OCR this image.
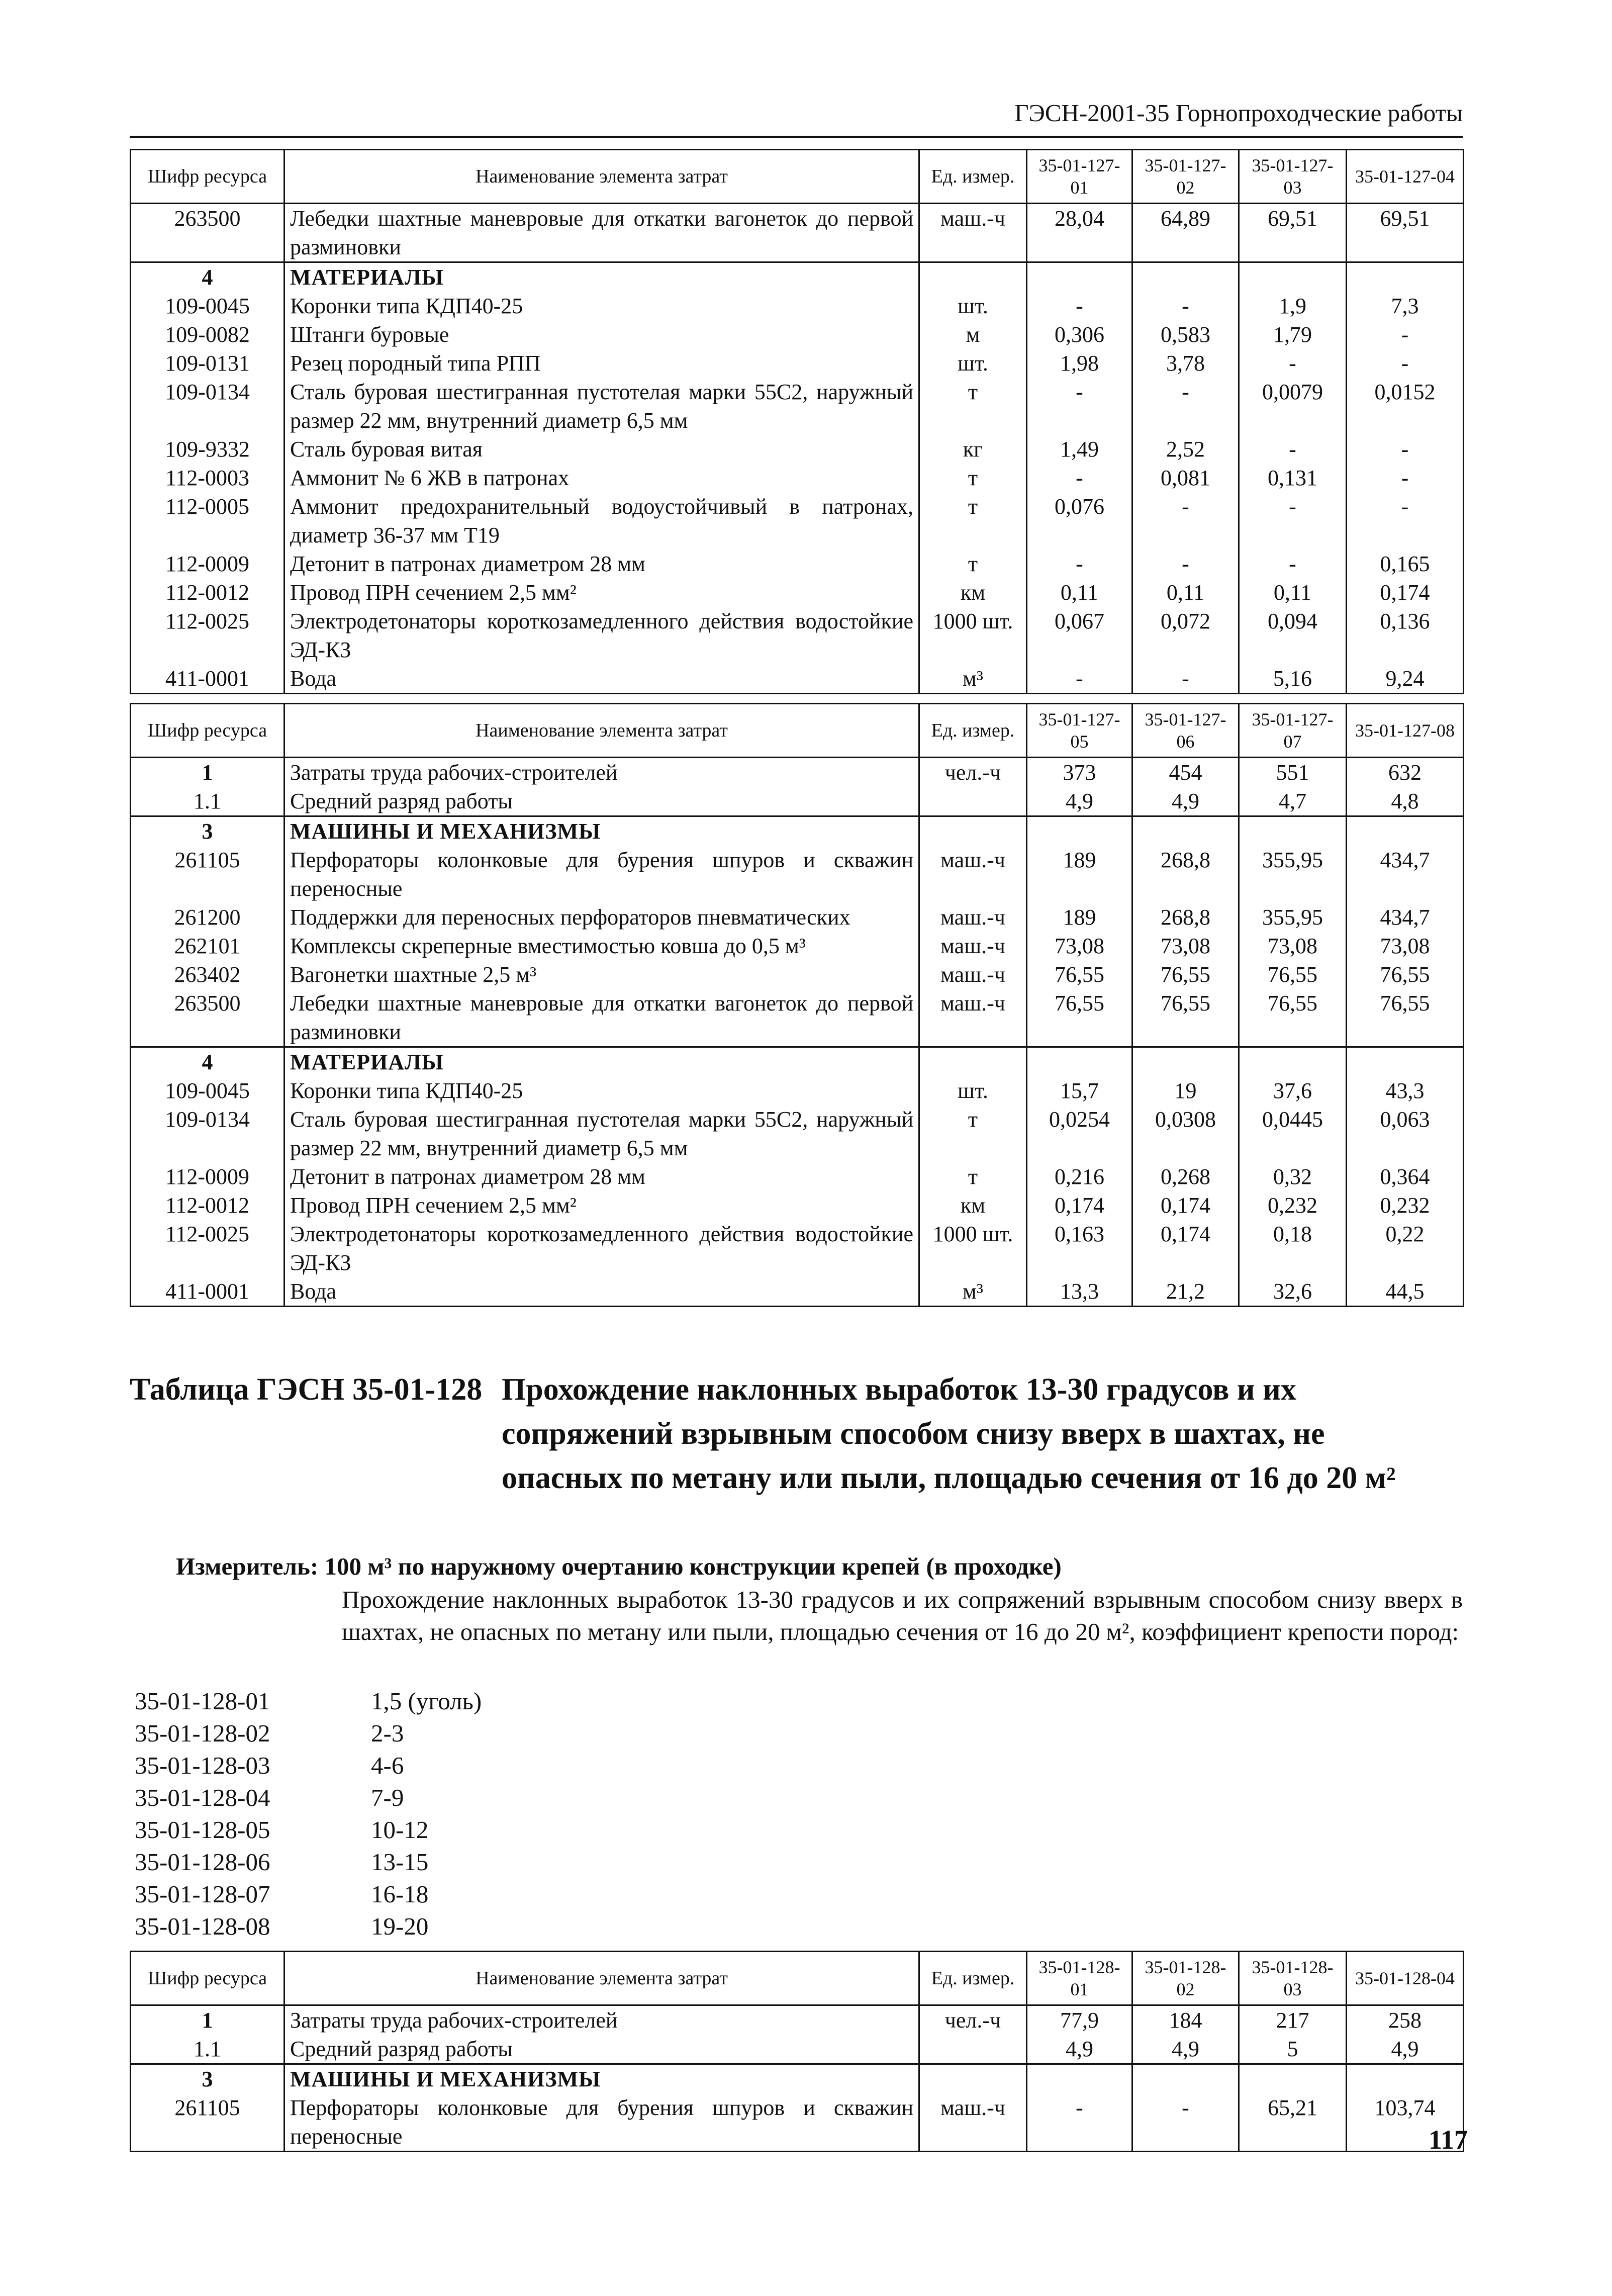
ГЭСН-2001-35 Горнопроходческие работы
Шифр ресурса	Наименование элемента затрат	Ед. измер.	35-01-127-01	35-01-127-02	35-01-127-03	35-01-127-04
263500	Лебедки шахтные маневровые для откатки вагонеток до первой разминовки	маш.-ч	28,04	64,89	69,51	69,51
4	МАТЕРИАЛЫ					
109-0045	Коронки типа КДП40-25	шт.	-	-	1,9	7,3
109-0082	Штанги буровые	м	0,306	0,583	1,79	-
109-0131	Резец породный типа РПП	шт.	1,98	3,78	-	-
109-0134	Сталь буровая шестигранная пустотелая марки 55С2, наружный размер 22 мм, внутренний диаметр 6,5 мм	т	-	-	0,0079	0,0152
109-9332	Сталь буровая витая	кг	1,49	2,52	-	-
112-0003	Аммонит № 6 ЖВ в патронах	т	-	0,081	0,131	-
112-0005	Аммонит предохранительный водоустойчивый в патронах, диаметр 36-37 мм Т19	т	0,076	-	-	-
112-0009	Детонит в патронах диаметром 28 мм	т	-	-	-	0,165
112-0012	Провод ПРН сечением 2,5 мм²	км	0,11	0,11	0,11	0,174
112-0025	Электродетонаторы короткозамедленного действия водостойкие ЭД-КЗ	1000 шт.	0,067	0,072	0,094	0,136
411-0001	Вода	м³	-	-	5,16	9,24
Шифр ресурса	Наименование элемента затрат	Ед. измер.	35-01-127-05	35-01-127-06	35-01-127-07	35-01-127-08
1	Затраты труда рабочих-строителей	чел.-ч	373	454	551	632
1.1	Средний разряд работы		4,9	4,9	4,7	4,8
3	МАШИНЫ И МЕХАНИЗМЫ					
261105	Перфораторы колонковые для бурения шпуров и скважин переносные	маш.-ч	189	268,8	355,95	434,7
261200	Поддержки для переносных перфораторов пневматических	маш.-ч	189	268,8	355,95	434,7
262101	Комплексы скреперные вместимостью ковша до 0,5 м³	маш.-ч	73,08	73,08	73,08	73,08
263402	Вагонетки шахтные 2,5 м³	маш.-ч	76,55	76,55	76,55	76,55
263500	Лебедки шахтные маневровые для откатки вагонеток до первой разминовки	маш.-ч	76,55	76,55	76,55	76,55
4	МАТЕРИАЛЫ					
109-0045	Коронки типа КДП40-25	шт.	15,7	19	37,6	43,3
109-0134	Сталь буровая шестигранная пустотелая марки 55С2, наружный размер 22 мм, внутренний диаметр 6,5 мм	т	0,0254	0,0308	0,0445	0,063
112-0009	Детонит в патронах диаметром 28 мм	т	0,216	0,268	0,32	0,364
112-0012	Провод ПРН сечением 2,5 мм²	км	0,174	0,174	0,232	0,232
112-0025	Электродетонаторы короткозамедленного действия водостойкие ЭД-КЗ	1000 шт.	0,163	0,174	0,18	0,22
411-0001	Вода	м³	13,3	21,2	32,6	44,5
Таблица ГЭСН 35-01-128 Прохождение наклонных выработок 13-30 градусов и их сопряжений взрывным способом снизу вверх в шахтах, не опасных по метану или пыли, площадью сечения от 16 до 20 м²
Измеритель: 100 м³ по наружному очертанию конструкции крепей (в проходке)
Прохождение наклонных выработок 13-30 градусов и их сопряжений взрывным способом снизу вверх в шахтах, не опасных по метану или пыли, площадью сечения от 16 до 20 м², коэффициент крепости пород:
35-01-128-01	1,5 (уголь)
35-01-128-02	2-3
35-01-128-03	4-6
35-01-128-04	7-9
35-01-128-05	10-12
35-01-128-06	13-15
35-01-128-07	16-18
35-01-128-08	19-20
Шифр ресурса	Наименование элемента затрат	Ед. измер.	35-01-128-01	35-01-128-02	35-01-128-03	35-01-128-04
1	Затраты труда рабочих-строителей	чел.-ч	77,9	184	217	258
1.1	Средний разряд работы		4,9	4,9	5	4,9
3	МАШИНЫ И МЕХАНИЗМЫ					
261105	Перфораторы колонковые для бурения шпуров и скважин переносные	маш.-ч	-	-	65,21	103,74
117
